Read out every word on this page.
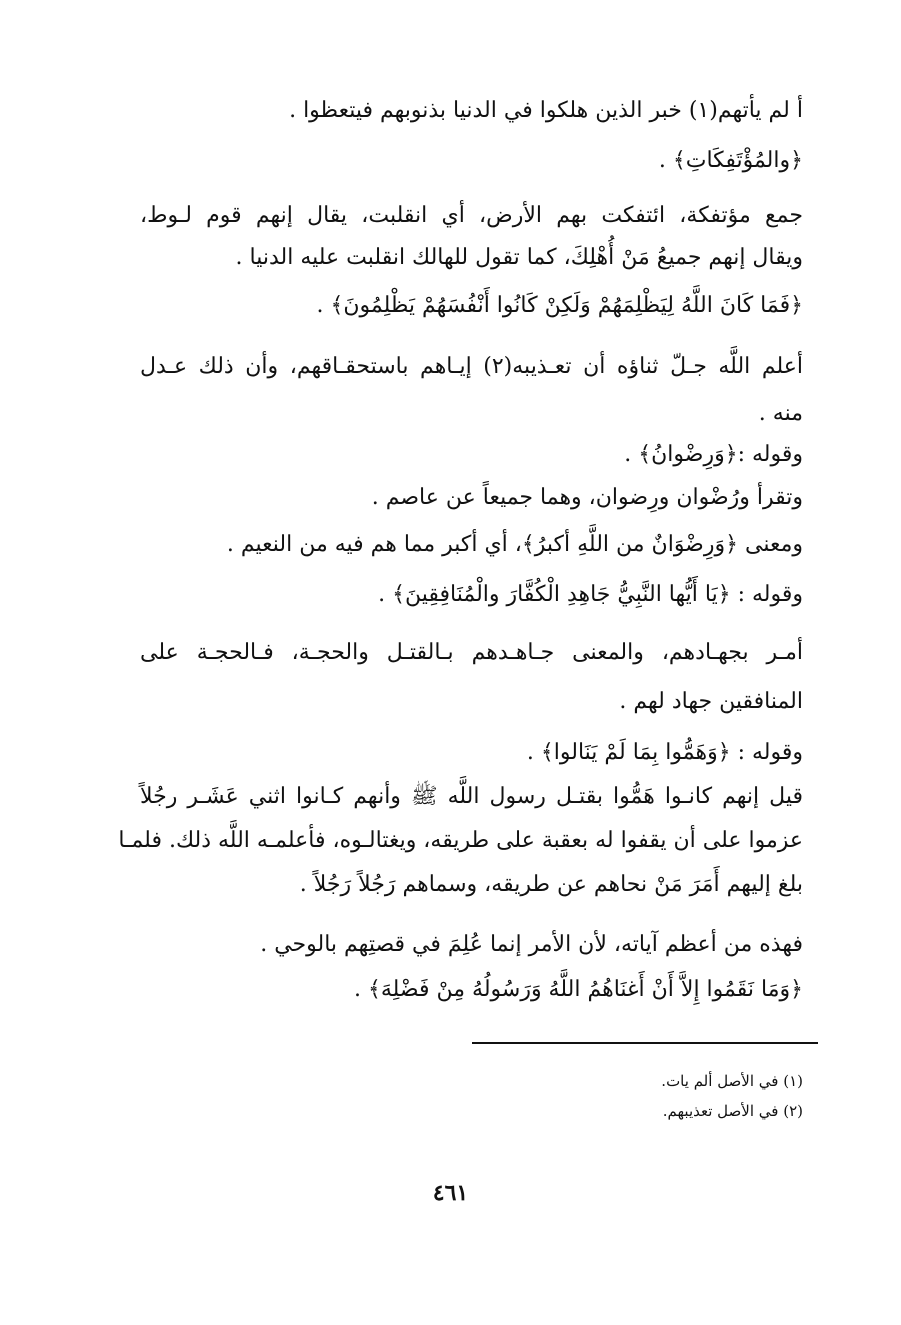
أ لم يأتهم(١) خبر الذين هلكوا في الدنيا بذنوبهم فيتعظوا .
﴿والمُؤْتَفِكَاتِ﴾ .
جمع مؤتفكة، ائتفكت بهم الأرض، أي انقلبت، يقال إنهم قوم لـوط،
ويقال إنهم جميعُ مَنْ أُهْلِكَ، كما تقول للهالك انقلبت عليه الدنيا .
﴿فَمَا كَانَ اللَّهُ لِيَظْلِمَهُمْ وَلَكِنْ كَانُوا أَنْفُسَهُمْ يَظْلِمُونَ﴾ .
أعلم اللَّه جـلّ ثناؤه أن تعـذيبه(٢) إيـاهم باستحقـاقهم، وأن ذلك عـدل
منه .
وقوله :﴿وَرِضْوانُ﴾ .
وتقرأ ورُضْوان ورِضوان، وهما جميعاً عن عاصم .
ومعنى ﴿وَرِضْوَانٌ من اللَّهِ أكبرُ﴾، أي أكبر مما هم فيه من النعيم .
وقوله : ﴿يَا أَيُّها النَّبِيُّ جَاهِدِ الْكُفَّارَ والْمُنَافِقِينَ﴾ .
أمـر بجهـادهم، والمعنى جـاهـدهم بـالقتـل والحجـة، فـالحجـة على
المنافقين جهاد لهم .
وقوله : ﴿وَهَمُّوا بِمَا لَمْ يَنَالوا﴾ .
قيل إنهم كانـوا هَمُّوا بقتـل رسول اللَّه ﷺ وأنهم كـانوا اثني عَشَـر رجُلاً
عزموا على أن يقفوا له بعقبة على طريقه، ويغتالـوه، فأعلمـه اللَّه ذلك. فلمـا
بلغ إليهم أَمَرَ مَنْ نحاهم عن طريقه، وسماهم رَجُلاً رَجُلاً .
فهذه من أعظم آياته، لأن الأمر إنما عُلِمَ في قصتِهم بالوحي .
﴿وَمَا نَقَمُوا إِلاَّ أَنْ أَغنَاهُمُ اللَّهُ وَرَسُولُهُ مِنْ فَضْلِهَ﴾ .
(١) في الأصل ألم يات.
(٢) في الأصل تعذيبهم.
٤٦١
